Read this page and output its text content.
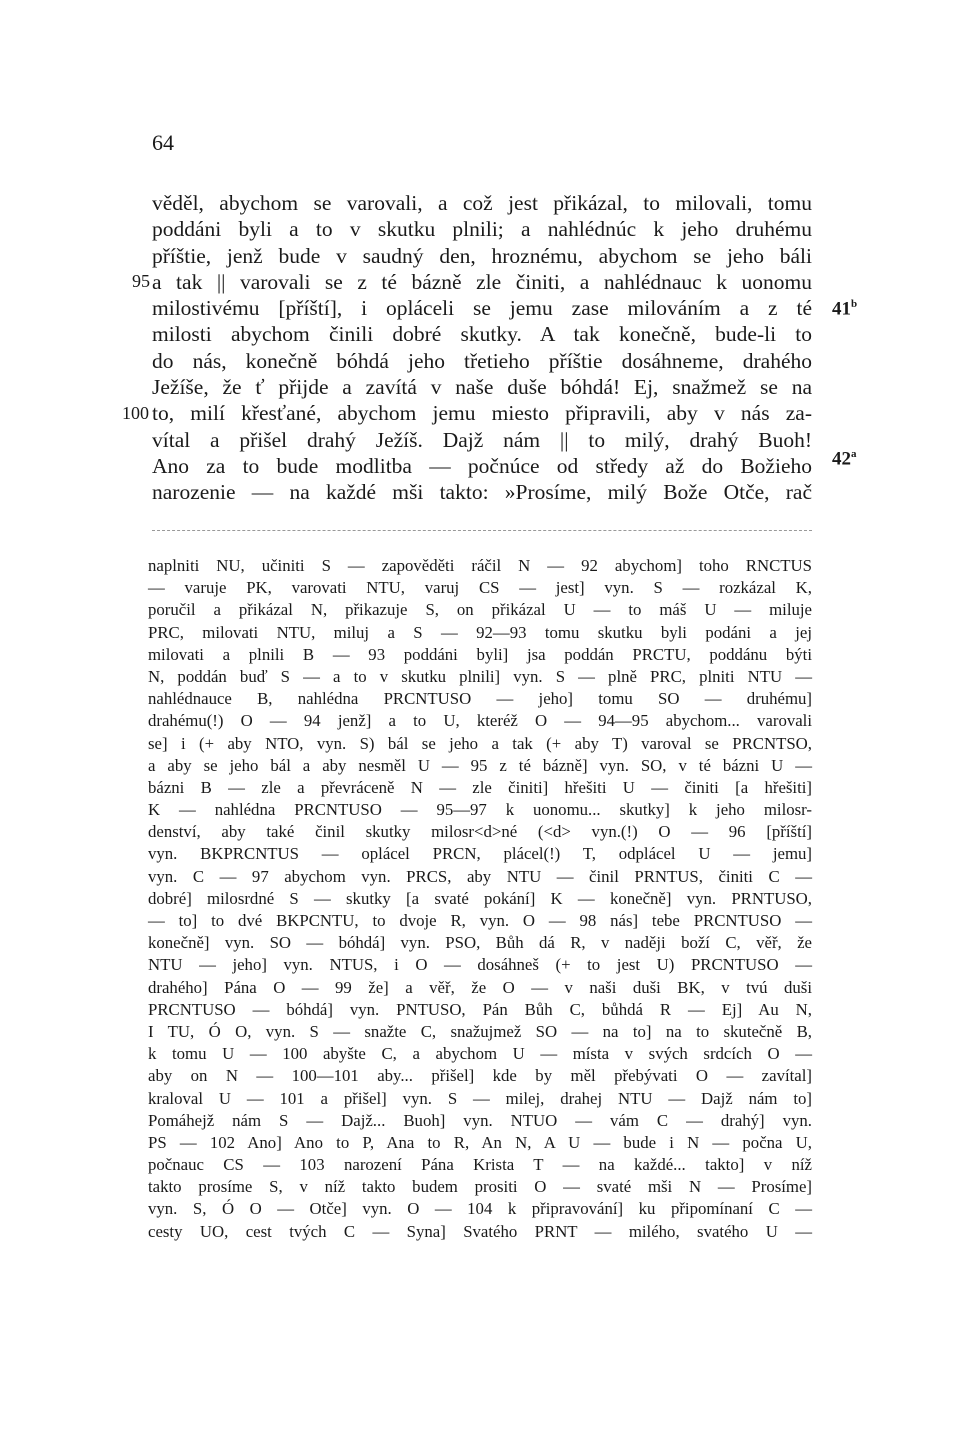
64
95
100
41$^b$
42$^a$
věděl, abychom se varovali, a což jest přikázal, to milovali, tomu
poddáni byli a to v skutku plnili; a nahlédnúc k jeho druhému
příštie, jenž bude v saudný den, hroznému, abychom se jeho báli
a tak || varovali se z té bázně zle činiti, a nahlédnauc k uonomu
milostivému [příští], i opláceli se jemu zase milováním a z té
milosti abychom činili dobré skutky. A tak konečně, bude-li to
do nás, konečně bóhdá jeho třetieho příštie dosáhneme, drahého
Ježíše, že ť přijde a zavítá v naše duše bóhdá! Ej, snažmež se na
to, milí křesťané, abychom jemu miesto připravili, aby v nás za-
vítal a přišel drahý Ježíš. Dajž nám || to milý, drahý Buoh!
Ano za to bude modlitba — počnúce od středy až do Božieho
narozenie — na každé mši takto: »Prosíme, milý Bože Otče, rač
naplniti NU, učiniti S — zapověděti ráčil N — 92 abychom] toho RNCTUS
— varuje PK, varovati NTU, varuj CS — jest] vyn. S — rozkázal K,
poručil a přikázal N, přikazuje S, on přikázal U — to máš U — miluje
PRC, milovati NTU, miluj a S — 92—93 tomu skutku byli podáni a jej
milovati a plnili B — 93 poddáni byli] jsa poddán PRCTU, poddánu býti
N, poddán buď S — a to v skutku plnili] vyn. S — plně PRC, plniti NTU —
nahlédnauce B, nahlédna PRCNTUSO — jeho] tomu SO — druhému]
drahému(!) O — 94 jenž] a to U, kteréž O — 94—95 abychom... varovali
se] i (+ aby NTO, vyn. S) bál se jeho a tak (+ aby T) varoval se PRCNTSO,
a aby se jeho bál a aby nesměl U — 95 z té bázně] vyn. SO, v té bázni U —
bázni B — zle a převráceně N — zle činiti] hřešiti U — činiti [a hřešiti]
K — nahlédna PRCNTUSO — 95—97 k uonomu... skutky] k jeho milosr-
denství, aby také činil skutky milosr<d>né (<d> vyn.(!) O — 96 [příští]
vyn. BKPRCNTUS — oplácel PRCN, plácel(!) T, odplácel U — jemu]
vyn. C — 97 abychom vyn. PRCS, aby NTU — činil PRNTUS, činiti C —
dobré] milosrdné S — skutky [a svaté pokání] K — konečně] vyn. PRNTUSO,
— to] to dvé BKPCNTU, to dvoje R, vyn. O — 98 nás] tebe PRCNTUSO —
konečně] vyn. SO — bóhdá] vyn. PSO, Bůh dá R, v naději boží C, věř, že
NTU — jeho] vyn. NTUS, i O — dosáhneš (+ to jest U) PRCNTUSO —
drahého] Pána O — 99 že] a věř, že O — v naši duši BK, v tvú duši
PRCNTUSO — bóhdá] vyn. PNTUSO, Pán Bůh C, bůhdá R — Ej] Au N,
I TU, Ó O, vyn. S — snažte C, snažujmež SO — na to] na to skutečně B,
k tomu U — 100 abyšte C, a abychom U — místa v svých srdcích O —
aby on N — 100—101 aby... přišel] kde by měl přebývati O — zavítal]
kraloval U — 101 a přišel] vyn. S — milej, drahej NTU — Dajž nám to]
Pomáhejž nám S — Dajž... Buoh] vyn. NTUO — vám C — drahý] vyn.
PS — 102 Ano] Ano to P, Ana to R, An N, A U — bude i N — počna U,
počnauc CS — 103 narození Pána Krista T — na každé... takto] v níž
takto prosíme S, v níž takto budem prositi O — svaté mši N — Prosíme]
vyn. S, Ó O — Otče] vyn. O — 104 k připravování] ku připomínaní C —
cesty UO, cest tvých C — Syna] Svatého PRNT — milého, svatého U —
